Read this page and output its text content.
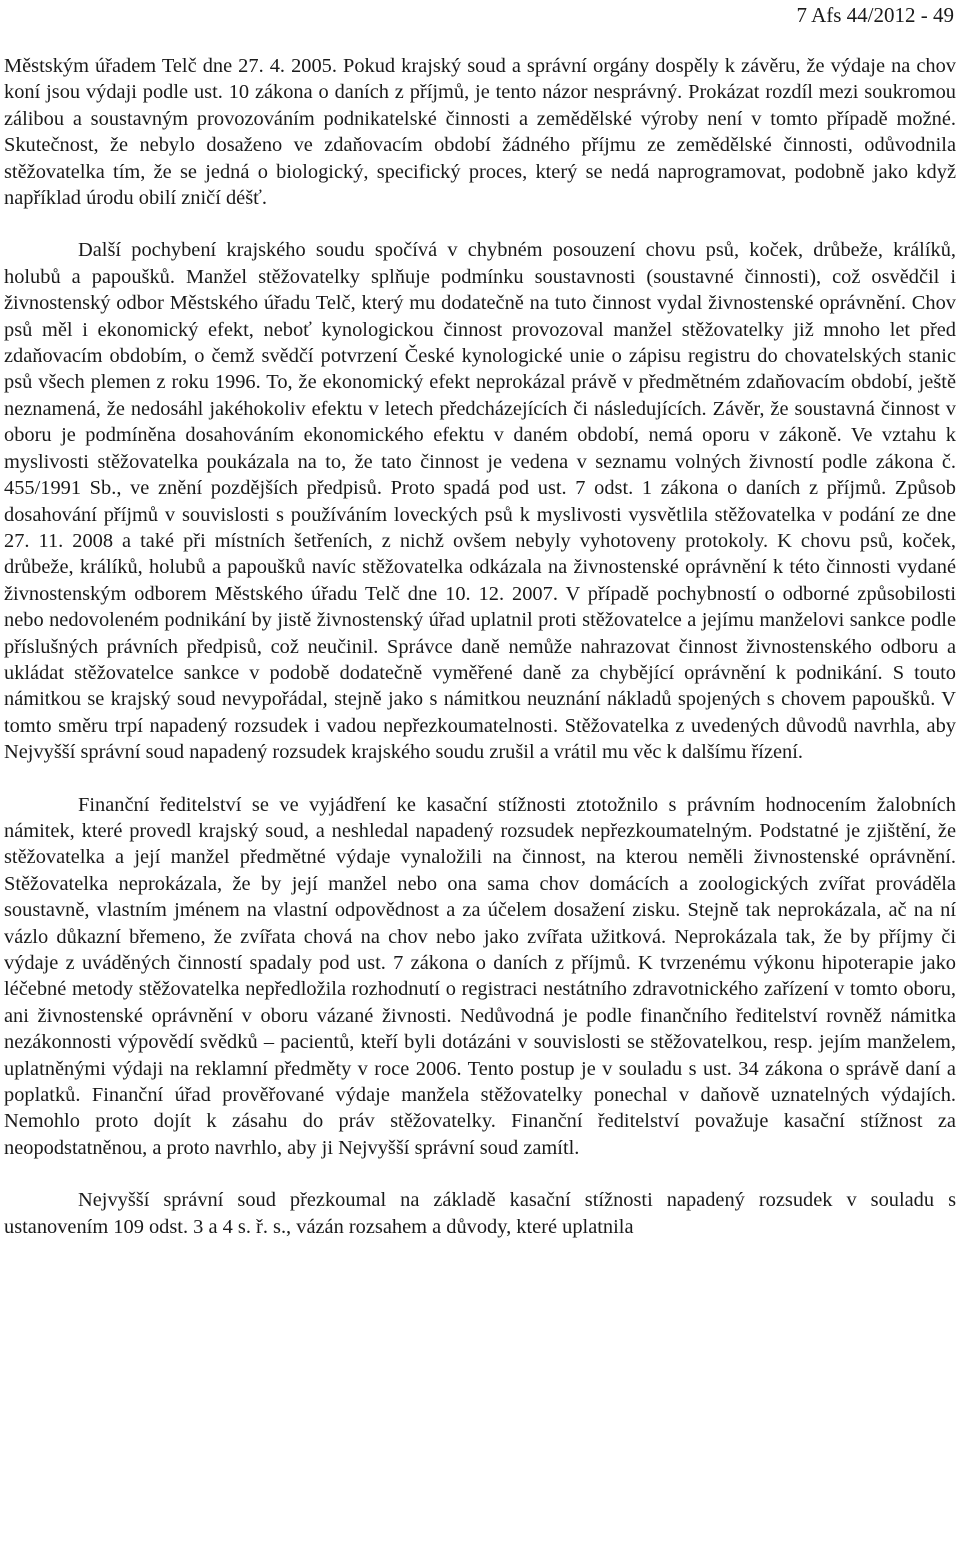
7 Afs 44/2012 - 49

Městským úřadem Telč dne 27. 4. 2005. Pokud krajský soud a správní orgány dospěly k závěru, že výdaje na chov koní jsou výdaji podle ust. 10 zákona o daních z příjmů, je tento názor nesprávný. Prokázat rozdíl mezi soukromou zálibou a soustavným provozováním podnikatelské činnosti a zemědělské výroby není v tomto případě možné. Skutečnost, že nebylo dosaženo ve zdaňovacím období žádného příjmu ze zemědělské činnosti, odůvodnila stěžovatelka tím, že se jedná o biologický, specifický proces, který se nedá naprogramovat, podobně jako když například úrodu obilí zničí déšť.

Další pochybení krajského soudu spočívá v chybném posouzení chovu psů, koček, drůbeže, králíků, holubů a papoušků. Manžel stěžovatelky splňuje podmínku soustavnosti (soustavné činnosti), což osvědčil i živnostenský odbor Městského úřadu Telč, který mu dodatečně na tuto činnost vydal živnostenské oprávnění. Chov psů měl i ekonomický efekt, neboť kynologickou činnost provozoval manžel stěžovatelky již mnoho let před zdaňovacím obdobím, o čemž svědčí potvrzení České kynologické unie o zápisu registru do chovatelských stanic psů všech plemen z roku 1996. To, že ekonomický efekt neprokázal právě v předmětném zdaňovacím období, ještě neznamená, že nedosáhl jakéhokoliv efektu v letech předcházejících či následujících. Závěr, že soustavná činnost v oboru je podmíněna dosahováním ekonomického efektu v daném období, nemá oporu v zákoně. Ve vztahu k myslivosti stěžovatelka poukázala na to, že tato činnost je vedena v seznamu volných živností podle zákona č. 455/1991 Sb., ve znění pozdějších předpisů. Proto spadá pod ust. 7 odst. 1 zákona o daních z příjmů. Způsob dosahování příjmů v souvislosti s používáním loveckých psů k myslivosti vysvětlila stěžovatelka v podání ze dne 27. 11. 2008 a také při místních šetřeních, z nichž ovšem nebyly vyhotoveny protokoly. K chovu psů, koček, drůbeže, králíků, holubů a papoušků navíc stěžovatelka odkázala na živnostenské oprávnění k této činnosti vydané živnostenským odborem Městského úřadu Telč dne 10. 12. 2007. V případě pochybností o odborné způsobilosti nebo nedovoleném podnikání by jistě živnostenský úřad uplatnil proti stěžovatelce a jejímu manželovi sankce podle příslušných právních předpisů, což neučinil. Správce daně nemůže nahrazovat činnost živnostenského odboru a ukládat stěžovatelce sankce v podobě dodatečně vyměřené daně za chybějící oprávnění k podnikání. S touto námitkou se krajský soud nevypořádal, stejně jako s námitkou neuznání nákladů spojených s chovem papoušků. V tomto směru trpí napadený rozsudek i vadou nepřezkoumatelnosti. Stěžovatelka z uvedených důvodů navrhla, aby Nejvyšší správní soud napadený rozsudek krajského soudu zrušil a vrátil mu věc k dalšímu řízení.

Finanční ředitelství se ve vyjádření ke kasační stížnosti ztotožnilo s právním hodnocením žalobních námitek, které provedl krajský soud, a neshledal napadený rozsudek nepřezkoumatelným. Podstatné je zjištění, že stěžovatelka a její manžel předmětné výdaje vynaložili na činnost, na kterou neměli živnostenské oprávnění. Stěžovatelka neprokázala, že by její manžel nebo ona sama chov domácích a zoologických zvířat prováděla soustavně, vlastním jménem na vlastní odpovědnost a za účelem dosažení zisku. Stejně tak neprokázala, ač na ní vázlo důkazní břemeno, že zvířata chová na chov nebo jako zvířata užitková. Neprokázala tak, že by příjmy či výdaje z uváděných činností spadaly pod ust. 7 zákona o daních z příjmů. K tvrzenému výkonu hipoterapie jako léčebné metody stěžovatelka nepředložila rozhodnutí o registraci nestátního zdravotnického zařízení v tomto oboru, ani živnostenské oprávnění v oboru vázané živnosti. Nedůvodná je podle finančního ředitelství rovněž námitka nezákonnosti výpovědí svědků – pacientů, kteří byli dotázáni v souvislosti se stěžovatelkou, resp. jejím manželem, uplatněnými výdaji na reklamní předměty v roce 2006. Tento postup je v souladu s ust. 34 zákona o správě daní a poplatků. Finanční úřad prověřované výdaje manžela stěžovatelky ponechal v daňově uznatelných výdajích. Nemohlo proto dojít k zásahu do práv stěžovatelky. Finanční ředitelství považuje kasační stížnost za neopodstatněnou, a proto navrhlo, aby ji Nejvyšší správní soud zamítl.

Nejvyšší správní soud přezkoumal na základě kasační stížnosti napadený rozsudek v souladu s ustanovením 109 odst. 3 a 4 s. ř. s., vázán rozsahem a důvody, které uplatnila
